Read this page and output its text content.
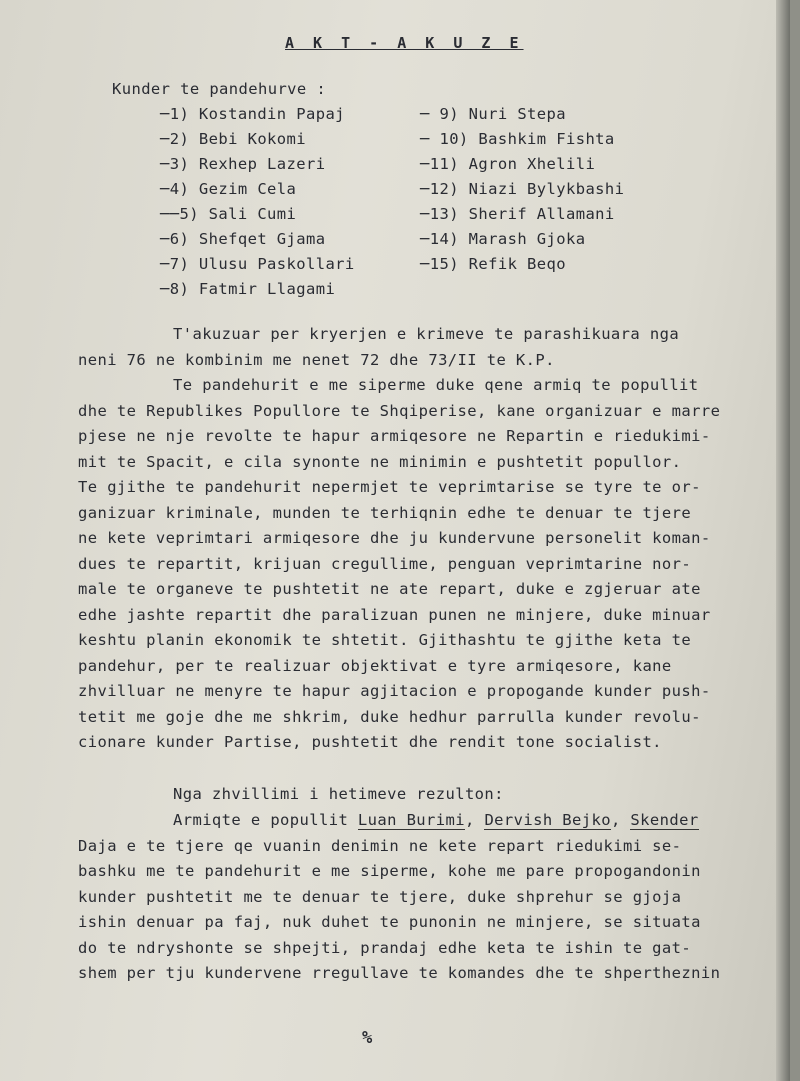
A K T - A K U Z E
Kunder te pandehurve :
─1) Kostandin Papaj
─2) Bebi Kokomi
─3) Rexhep Lazeri
─4) Gezim Cela
──5) Sali Cumi
─6) Shefqet Gjama
─7) Ulusu Paskollari
─8) Fatmir Llagami
─ 9) Nuri Stepa
─ 10) Bashkim Fishta
─11) Agron Xhelili
─12) Niazi Bylykbashi
─13) Sherif Allamani
─14) Marash Gjoka
─15) Refik Beqo
T'akuzuar per kryerjen e krimeve te parashikuara nga
neni 76 ne kombinim me nenet 72 dhe 73/II te K.P.
Te pandehurit e me siperme duke qene armiq te popullit
dhe te Republikes Popullore te Shqiperise, kane organizuar e marre
pjese ne nje revolte te hapur armiqesore ne Repartin e riedukimi-
mit te Spacit, e cila synonte ne minimin e pushtetit popullor.
Te gjithe te pandehurit nepermjet te veprimtarise se tyre te or-
ganizuar kriminale, munden te terhiqnin edhe te denuar te tjere
ne kete veprimtari armiqesore dhe ju kundervune personelit koman-
dues te repartit, krijuan cregullime, penguan veprimtarine nor-
male te organeve te pushtetit ne ate repart, duke e zgjeruar ate
edhe jashte repartit dhe paralizuan punen ne minjere, duke minuar
keshtu planin ekonomik te shtetit. Gjithashtu te gjithe keta te
pandehur, per te realizuar objektivat e tyre armiqesore, kane
zhvilluar ne menyre te hapur agjitacion e propogande kunder push-
tetit me goje dhe me shkrim, duke hedhur parrulla kunder revolu-
cionare kunder Partise, pushtetit dhe rendit tone socialist.
Nga zhvillimi i hetimeve rezulton:
Armiqte e popullit Luan Burimi, Dervish Bejko, Skender
Daja e te tjere qe vuanin denimin ne kete repart riedukimi se-
bashku me te pandehurit e me siperme, kohe me pare propogandonin
kunder pushtetit me te denuar te tjere, duke shprehur se gjoja
ishin denuar pa faj, nuk duhet te punonin ne minjere, se situata
do te ndryshonte se shpejti, prandaj edhe keta te ishin te gat-
shem per tju kundervene rregullave te komandes dhe te shpertheznin
%
